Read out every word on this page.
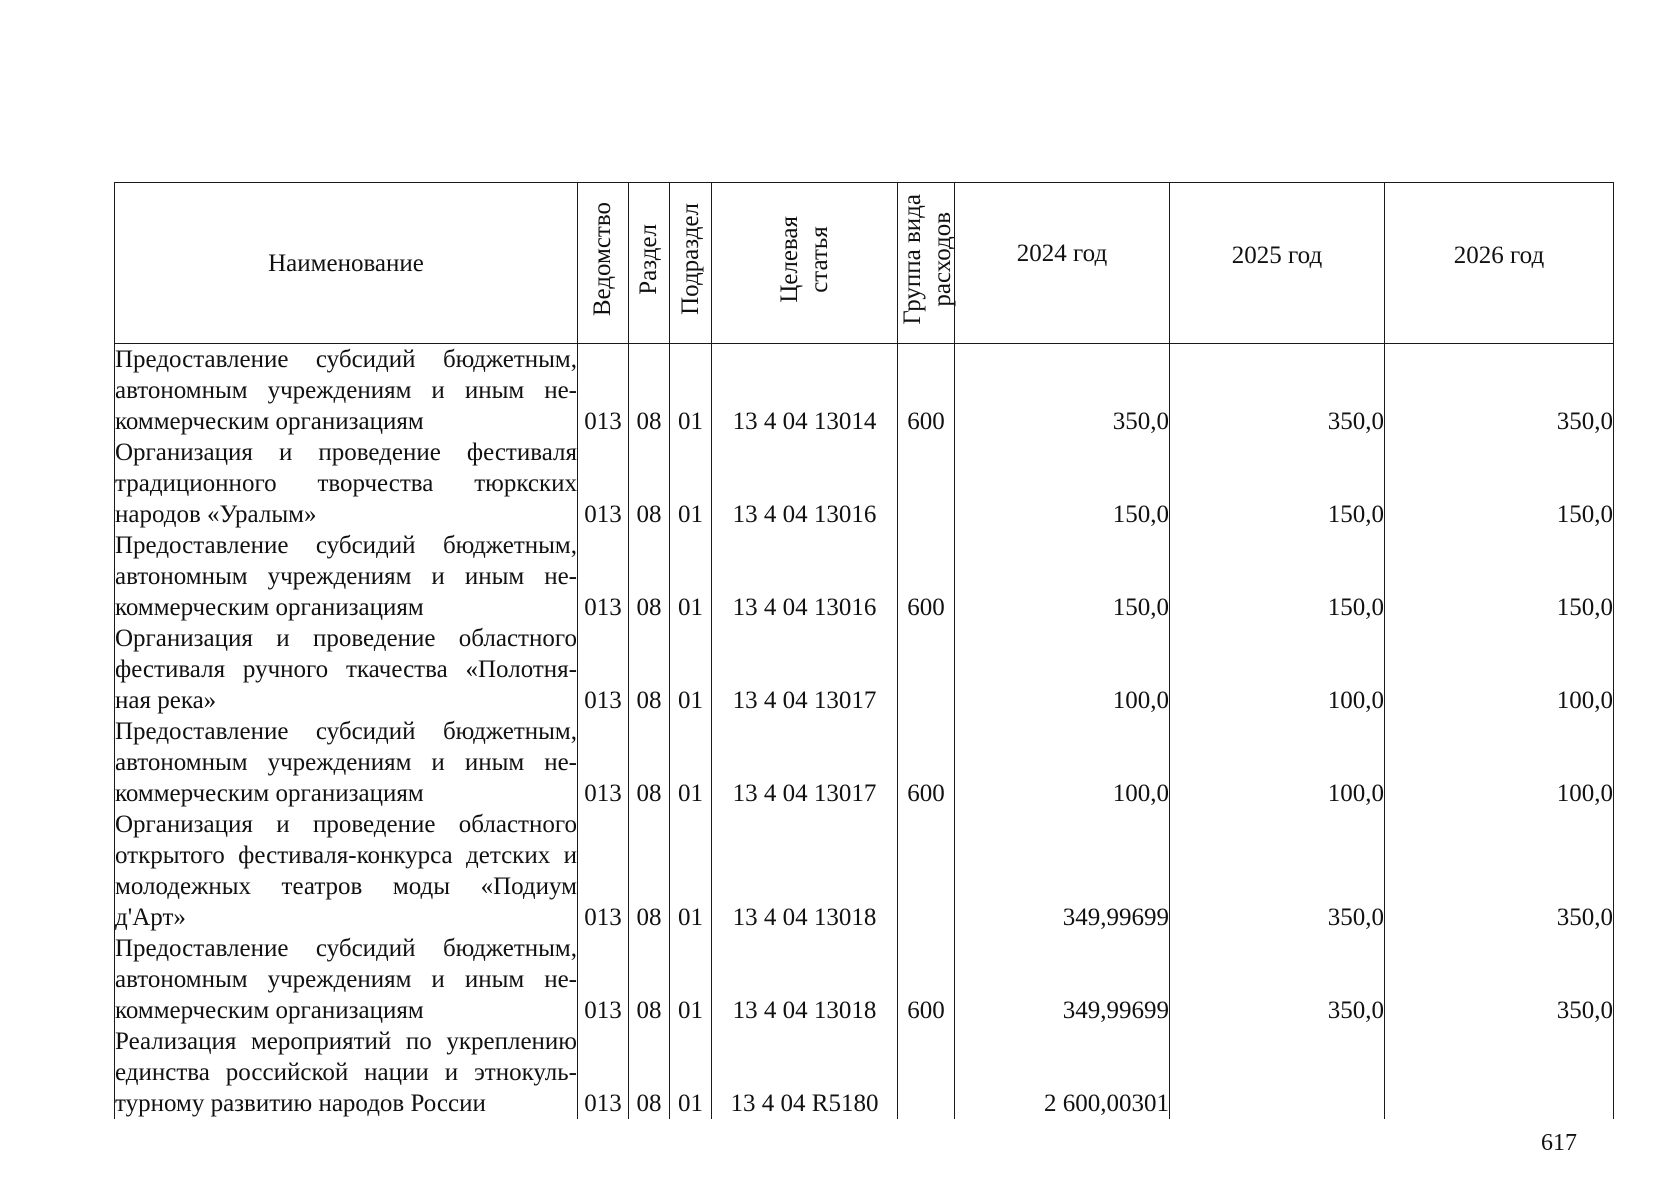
Наименование	Ведомство	Раздел	Подраздел	Целевая статья	Группа вида расходов	2024 год	2025 год	2026 год
Предоставление субсидий бюджетным, автономным учреждениям и иным не-коммерческим организациям	013	08	01	13 4 04 13014	600	350,0	350,0	350,0
Организация и проведение фестиваля традиционного творчества тюркских народов «Уралым»	013	08	01	13 4 04 13016		150,0	150,0	150,0
Предоставление субсидий бюджетным, автономным учреждениям и иным не-коммерческим организациям	013	08	01	13 4 04 13016	600	150,0	150,0	150,0
Организация и проведение областного фестиваля ручного ткачества «Полотня-ная река»	013	08	01	13 4 04 13017		100,0	100,0	100,0
Предоставление субсидий бюджетным, автономным учреждениям и иным не-коммерческим организациям	013	08	01	13 4 04 13017	600	100,0	100,0	100,0
Организация и проведение областного открытого фестиваля-конкурса детских и молодежных театров моды «Подиум д'Арт»	013	08	01	13 4 04 13018		349,99699	350,0	350,0
Предоставление субсидий бюджетным, автономным учреждениям и иным не-коммерческим организациям	013	08	01	13 4 04 13018	600	349,99699	350,0	350,0
Реализация мероприятий по укреплению единства российской нации и этнокуль-турному развитию народов России	013	08	01	13 4 04 R5180		2 600,00301		
617
